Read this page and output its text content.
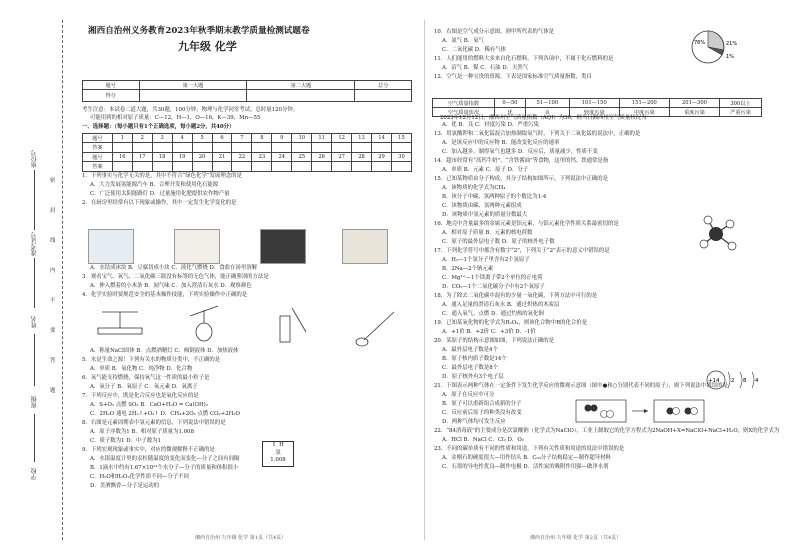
座位号
准考证号
姓名
班级
学校
密
封
线
内
不
要
答
题
湘西自治州义务教育2023年秋季期末教学质量检测试题卷
九年级 化学
题号	第一大题	第二大题	总分
得分			
考生注意：本试卷二道大题，共30题，100分钟，物理与化学同堂考试，总时量120分钟。
可能用到的相对原子质量：C—12，H—1，O—16，K—39，Mn—55
一、选择题：（每小题只有1个正确选项，每小题2分，共40分）
题号	1	2	3	4	5	6	7	8	9	10	11	12	13	14	15
答案															
题号	16	17	18	19	20	21	22	23	24	25	26	27	28	29	30
答案															
1．下列事实与化学无关的是，其中不符合“绿色化学”发展理念的是
A．大力发展氢能源汽车 B．合理开发和使用化石能源
C．广泛使用太阳能路灯 D．过量施用化肥提供农作物产量
2．在厨房里经常有以下现象或操作，其中一定发生化学变化的是
A．水结成冰块 B．豆腐切成小块 C．液化气燃烧 D．食盐在汤里溶解
3．观看宝气、氧气、二氧化碳三瓶没有标签的无色气体，能正确鉴别的方法是
A．伸入燃着的小木条 B．闻气味 C．加入澄清石灰水 D．观察颜色
4．化学实验时要规范安全的基本操作技能，下列实验操作中正确的是
A．称量NaCl固体 B．点燃酒精灯 C．倾倒液体 D．加热液体
5．水是生命之源！下列有关水的物质分类中，不正确的是
A．单质 B．氧化物 C．纯净物 D．化合物
6．氧气能支持燃烧，保持氧气这一性质的最小粒子是
A．氧分子 B．氧原子 C．氧元素 D．氧离子
7．下列反应中，既是化合反应也是氧化反应的是
A．S+O₂ 点燃 SO₂ B．CaO+H₂O = Ca(OH)₂
C．2H₂O 通电 2H₂↑+O₂↑ D．CH₄+2O₂ 点燃 CO₂+2H₂O
8．右图是元素周期表中氢元素的信息，下列说法中错误的是
A．原子序数为1 B．相对原子质量为1.008
C．质子数为1 D．中子数为1
9．下列宏观现象或事实中，对应的微观解释不正确的是
A．水银温度计里的汞柱随温度的变化而变化—分子之间有间隔
B．1滴水中约有1.67×10²¹个水分子—分子的质量和体积很小
C．H₂O和H₂O₂化学性质不同—分子不同
D．美酒飘香—分子是运动的
1 H
氢
1.008
湘西自治州·九年级 化学 第1页（共4页）
10．右图是空气成分示意图，则甲所代表的气体是
A．氮气 B．氧气
C．二氧化碳 D．稀有气体
11．人们能用的燃料大多来自化石燃料，下列各项中，不属于化石燃料的是
A．沼气 B．煤 C．石油 D．天然气
12．空气是一种宝贵的资源，下表是国家标准空气质量指数，类目
A．优 B．良 C．轻度污染 D．严重污染
13．用氯酸钾和二氧化锰混合加热制取氧气时，下列关于二氧化锰的说法中，正确的是
A．是该反应中的反应物 B．能改变化反应的速率
C．加入越多，制得氧气也越多 D．反应后，质量减少，性质不变
14．超市经常有“高钙牛奶”、“含铁酱油”等食物，这里的钙、铁通常是指
A．单质 B．元素 C．原子 D．分子
15．已知某物质由分子构成，其分子结构如图所示，下列说法中正确的是
A．该物质的化学式为CH₄
B．该分子中碳、氢两种原子的个数比为1:4
C．该物质由碳、氢两种元素组成
D．该物质中氢元素的质量分数最大
16．地壳中含量最多的金属元素是铝元素，与铝元素化学性质关系最密切的是
A．相对原子质量 B．元素的核电荷数
C．原子的最外层电子数 D．原子的核外电子数
17．下列化学符号中都含有数字“2”，下列关于“2”表示的意义中错误的是
A．H₂—1个氢分子里含有2个氢原子
B．2Na—2个钠元素
C．Mg²⁺—1个镁离子带2个单位的正电荷
D．CO₂—1个二氧化碳分子中有2个氧原子
18．为了除去二氧化碳中混有的少量一氧化碳，下列方法中可行的是
A．通入足量的澄清石灰水 B．通过炽热的木炭层
C．通入氧气，点燃 D．通过灼热的氧化铜
19．已知某氧化物的化学式为R₂O₃，则该化合物中R的化合价是
A．+1价 B．+2价 C．+3价 D．-1价
20．某原子的结构示意图如图，下列说法正确的是
A．最外层电子数是4个
B．原子核内质子数是14个
C．最外层电子数是8个
D．原子核外有3个电子层
21．下图表示两种气体在一定条件下发生化学反应的微观示意图（图中●和○分别代表不同的原子），则下列说法中错误的是
A．原子在反应中可分
B．原子可以重新组合成新的分子
C．反应前后原子的种类没有改变
D．两种气体均可发生反应
22．“84消毒液”的主要成分是次氯酸钠（化学式为NaClO），工业上制取它的化学方程式为2NaOH+X=NaClO+NaCl+H₂O，则X的化学式为
A．HCl B．NaCl C．Cl₂ D．O₂
23．不同的碳单质有不同的性质和用途，下列有关性质和用途的说法中错误的是
A．金刚石的硬度很大—用作钻头 B．C₆₀分子结构稳定—制作超导材料
C．石墨的导电性优良—制作电极 D．活性炭的吸附作用强—做净水剂
78%	21%
1%
空气质量指数	0—50	51—100	101—150	151—200	201—300	300以上
空气质量状况	优	良	轻度污染	中度污染	重度污染	严重污染
+14 2 8 4
湘西自治州·九年级 化学 第2页（共4页）
2023年12月12日，湘西州空气质量指数（AQI）为36，则当日湘西州空气质量状况为
